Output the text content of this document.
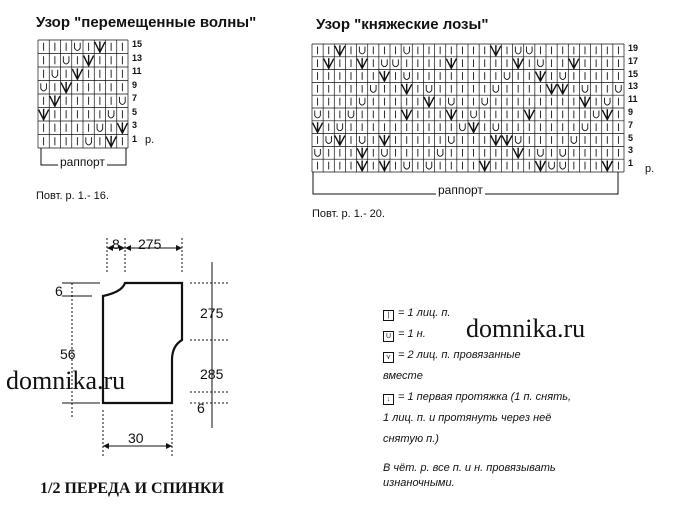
Узор "перемещенные волны"
15
13
11
9
7
5
3
1 р.
раппорт
Повт. р. 1.- 16.
Узор "княжеские лозы"
19
17
15
13
11
9
7
5
3
1	р.
раппорт
Повт. р. 1.- 20.
8 275
6
56
275
285
6
30
1/2 ПЕРЕДА И СПИНКИ
domnika.ru
domnika.ru
| = 1 лиц. п.
U = 1 н.
⋎ = 2 лиц. п. провязанные
вместе
↓ = 1 первая протяжка (1 п. снять,
1 лиц. п. и протянуть через неё
снятую п.)
В чёт. р. все п. и н. провязывать
изнаночными.
